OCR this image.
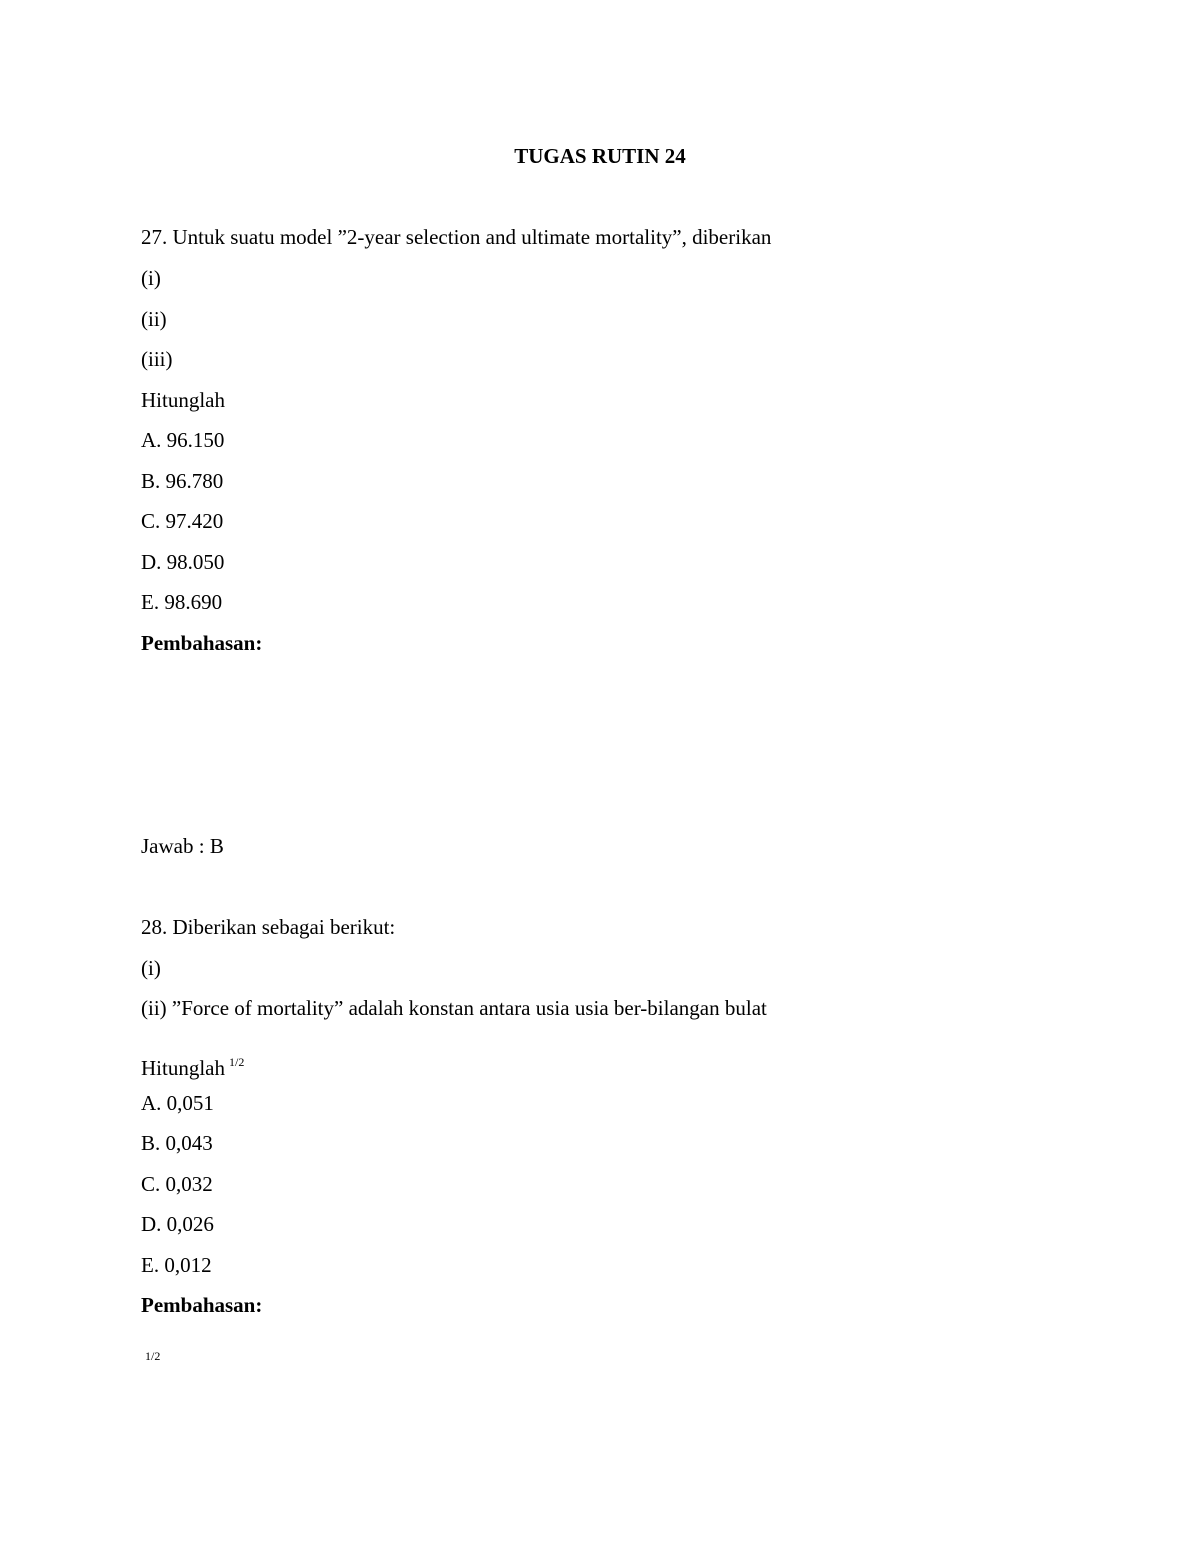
TUGAS RUTIN 24
27. Untuk suatu model ”2-year selection and ultimate mortality”, diberikan
(i)
(ii)
(iii)
Hitunglah
A. 96.150
B. 96.780
C. 97.420
D. 98.050
E. 98.690
Pembahasan:
Jawab : B
28. Diberikan sebagai berikut:
(i)
(ii) ”Force of mortality” adalah konstan antara usia usia ber-bilangan bulat
Hitunglah $^{1/2}$
A. 0,051
B. 0,043
C. 0,032
D. 0,026
E. 0,012
Pembahasan:
1/2
